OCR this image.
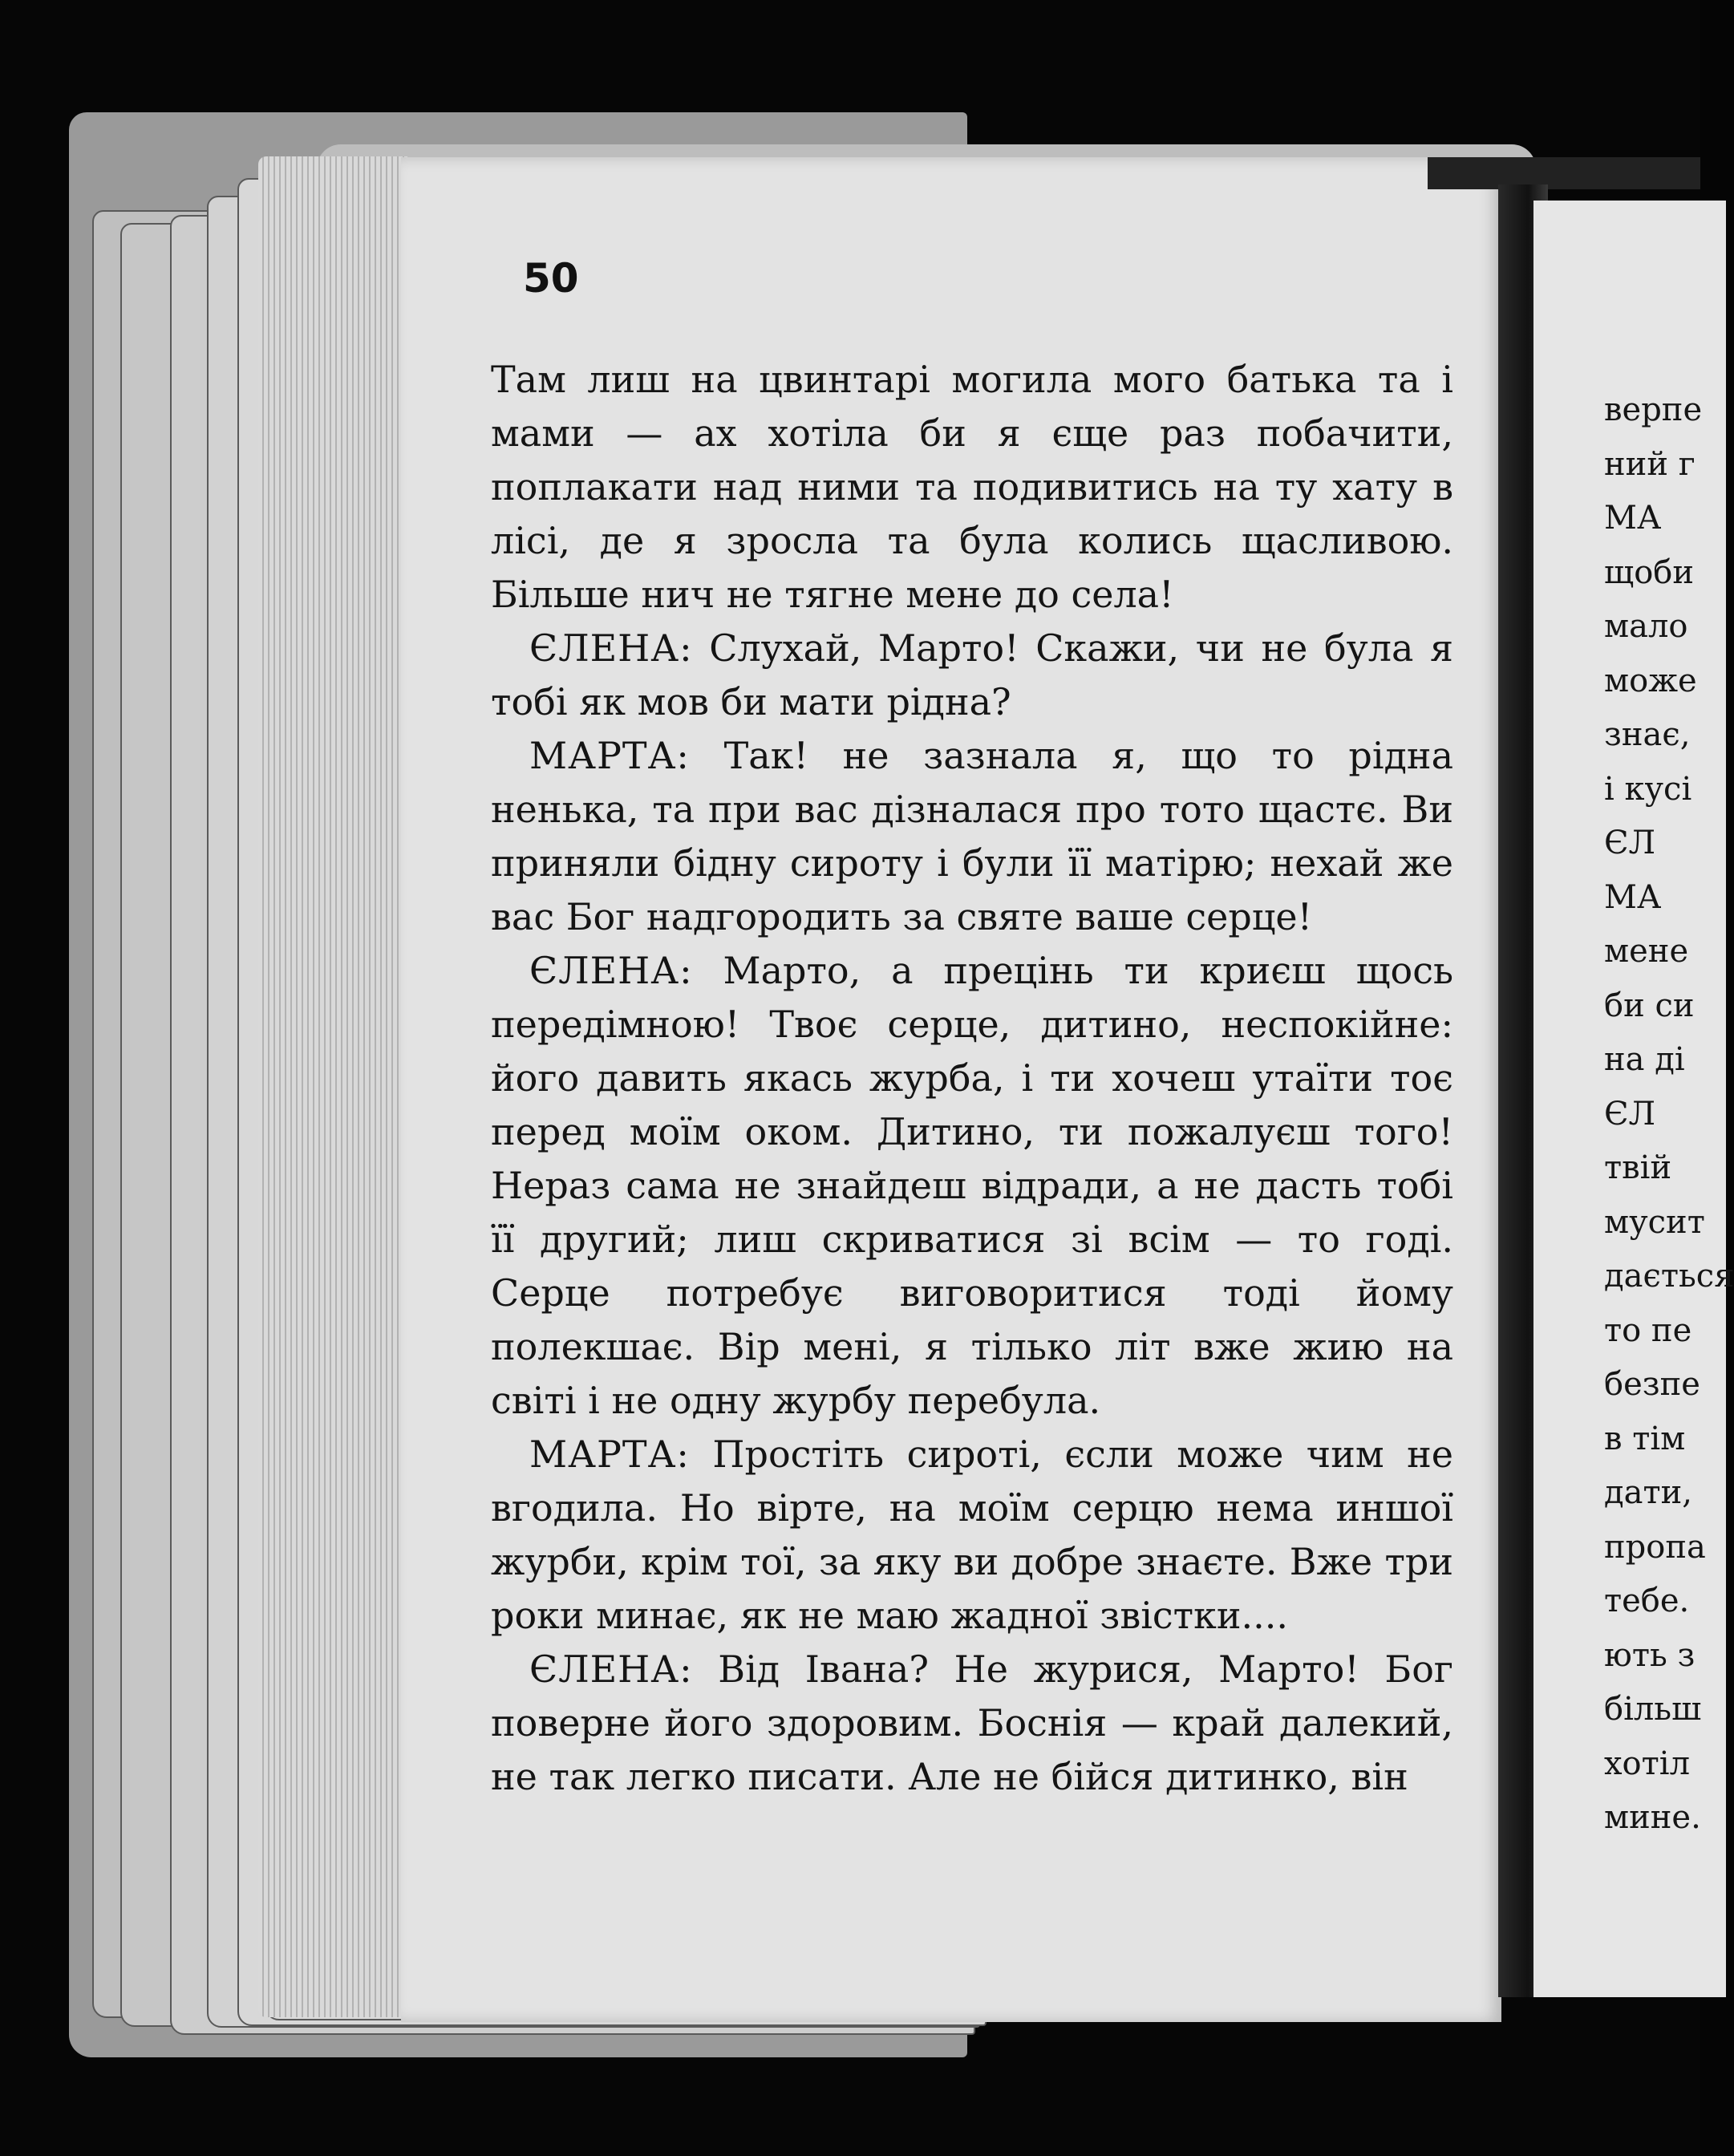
50

Там лиш на цвинтарі могила мого батька та і мами — ах хотіла би я єще раз побачити, поплакати над ними та подивитись на ту хату в лісі, де я зросла та була колись щасливою. Більше нич не тягне мене до села!

ЄЛЕНА: Слухай, Марто! Скажи, чи не була я тобі як мов би мати рідна?

МАРТА: Так! не зазнала я, що то рідна ненька, та при вас дізналася про тото щастє. Ви приняли бідну сироту і були її матірю; нехай же вас Бог надгородить за святе ваше серце!

ЄЛЕНА: Марто, а прецінь ти криєш щось передімною! Твоє серце, дитино, неспокійне: його давить якась журба, і ти хочеш утаїти тоє перед моїм оком. Дитино, ти пожалуєш того! Нераз сама не знайдеш відради, а не дасть тобі її другий; лиш скриватися зі всім — то годі. Серце потребує виговоритися тоді йому полекшає. Вір мені, я тілько літ вже жию на світі і не одну журбу перебула.

МАРТА: Простіть сироті, єсли може чим не вгодила. Но вірте, на моїм серцю нема иншої журби, крім тої, за яку ви добре знаєте. Вже три роки минає, як не маю жадної звістки....

ЄЛЕНА: Від Івана? Не журися, Марто! Бог поверне його здоровим. Боснія — край далекий, не так легко писати. Але не бійся дитинко, він

верпе
ний г
МА
щоби
мало
може
знає,
і кусі
ЄЛ
МА
мене
би си
на ді
ЄЛ
твій
мусит
дається
то пе
безпе
в тім
дати,
пропа
тебе.
ють з
більш
хотіл
мине.
